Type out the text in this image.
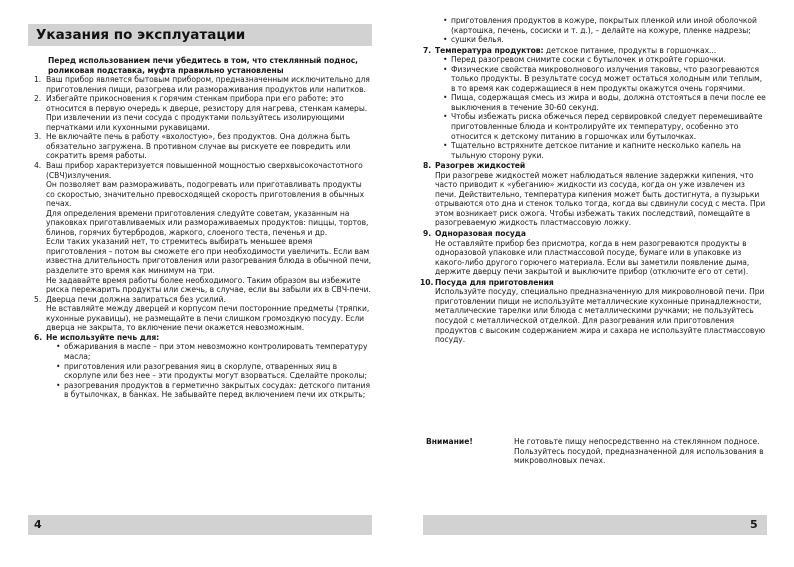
Указания по эксплуатации
Перед использованием печи убедитесь в том, что стеклянный поднос, роликовая подставка, муфта правильно установлены
1. Ваш прибор является бытовым прибором, предназначенным исключительно для приготовления пищи, разогрева или размораживания продуктов или напитков.
2. Избегайте прикосновения к горячим стенкам прибора при его работе: это относится в первую очередь к дверце, резистору для нагрева, стенкам камеры. При извлечении из печи сосуда с продуктами пользуйтесь изолирующими перчатками или кухонными рукавицами.
3. Не включайте печь в работу «вхолостую», без продуктов. Она должна быть обязательно загружена. В противном случае вы рискуете ее повредить или сократить время работы.
4. Ваш прибор характеризуется повышенной мощностью сверхвысокочастотного (СВЧ)излучения.
Он позволяет вам размораживать, подогревать или приготавливать продукты со скоростью, значительно превосходящей скорость приготовления в обычных печах.
Для определения времени приготовления следуйте советам, указанным на упаковках приготавливаемых или размораживаемых продуктов: пиццы, тортов, блинов, горячих бутербродов, жаркого, слоеного теста, печенья и др.
Если таких указаний нет, то стремитесь выбирать меньшее время приготовления – потом вы сможете его при необходимости увеличить. Если вам известна длительность приготовления или разогревания блюда в обычной печи, разделите это время как минимум на три.
Не задавайте время работы более необходимого. Таким образом вы избежите риска пережарить продукты или сжечь, в случае, если вы забыли их в СВЧ-печи.
5. Дверца печи должна запираться без усилий.
Не вставляйте между дверцей и корпусом печи посторонние предметы (тряпки, кухонные рукавицы), не размещайте в печи слишком громоздкую посуду. Если дверца не закрыта, то включение печи окажется невозможным.
6. Не используйте печь для:
• обжаривания в маспе – при этом невозможно контролировать температуру масла;
• приготовления или разогревания яиц в скорлупе, отваренных яиц в скорлупе или без нее – эти продукты могут взорваться. Сделайте проколы;
• разогревания продуктов в герметично закрытых сосудах: детского питания в бутылочках, в банках. Не забывайте перед включением печи их открыть;
4
• приготовления продуктов в кожуре, покрытых пленкой или иной оболочкой (картошка, печень, сосиски и т. д.), – делайте на кожуре, пленке надрезы;
• сушки белья.
7. Температура продуктов: детское питание, продукты в горшочках...
• Перед разогревом снимите соски с бутылочек и откройте горшочки.
• Физические свойства микроволнового излучения таковы, что разогреваются только продукты. В результате сосуд может остаться холодным или теплым, в то время как содержащиеся в нем продукты окажутся очень горячими.
• Пища, содержащая смесь из жира и воды, должна отстояться в печи после ее выключения в течение 30-60 секунд.
• Чтобы избежать риска обжечься перед сервировкой следует перемешивайте приготовленные блюда и контролируйте их температуру, особенно это относится к детскому питанию в горшочках или бутылочках.
• Тщательно встряхните детское питание и капните несколько капель на тыльную сторону руки.
8. Разогрев жидкостей
При разогреве жидкостей может наблюдаться явление задержки кипения, что часто приводит к «убеганию» жидкости из сосуда, когда он уже извлечен из печи. Действительно, температура кипения может быть достигнута, а пузырьки отрываются ото дна и стенок только тогда, когда вы сдвинули сосуд с места. При этом возникает риск ожога. Чтобы избежать таких последствий, помещайте в разогреваемую жидкость пластмассовую ложку.
9. Одноразовая посуда
Не оставляйте прибор без присмотра, когда в нем разогреваются продукты в одноразовой упаковке или пластмассовой посуде, бумаге или в упаковке из какого-либо другого горючего материала. Если вы заметили появление дыма, держите дверцу печи закрытой и выключите прибор (отключите его от сети).
10. Посуда для приготовления
Используйте посуду, специально предназначенную для микроволновой печи. При приготовлении пищи не используйте металлические кухонные принадлежности, металлические тарелки или блюда с металлическими ручками; не пользуйтесь посудой с металлической отделкой. Для разогревания или приготовления продуктов с высоким содержанием жира и сахара не используйте пластмассовую посуду.
Внимание!	Не готовьте пищу непосредственно на стеклянном подносе. Пользуйтесь посудой, предназначенной для использования в микроволновых печах.
5
